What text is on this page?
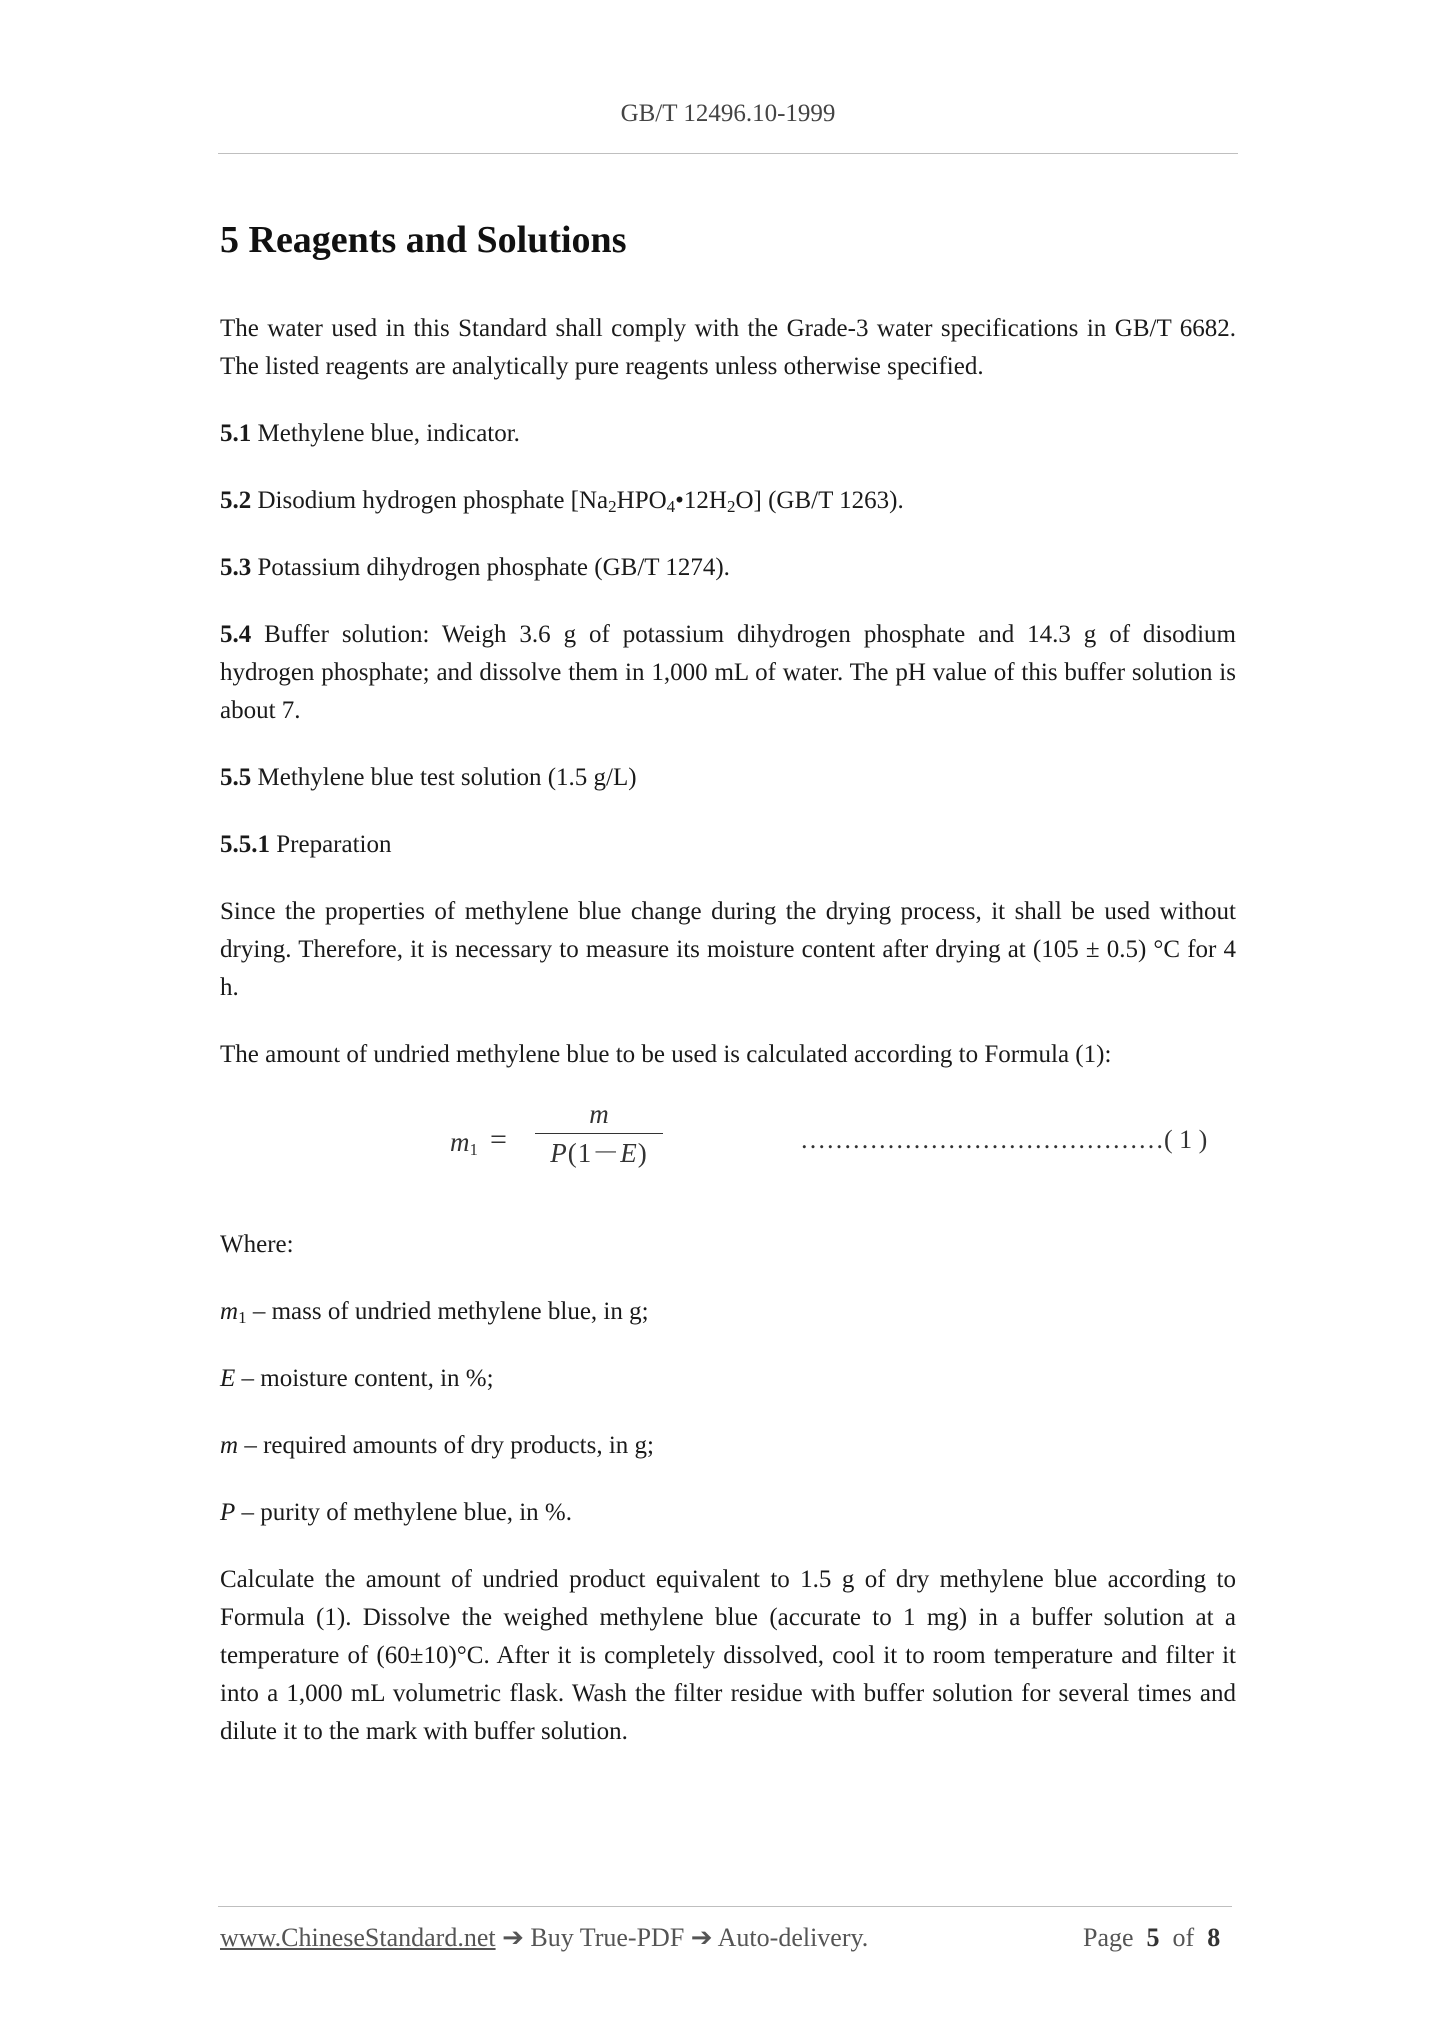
GB/T 12496.10-1999
5 Reagents and Solutions

The water used in this Standard shall comply with the Grade-3 water specifications in GB/T 6682. The listed reagents are analytically pure reagents unless otherwise specified.

5.1 Methylene blue, indicator.

5.2 Disodium hydrogen phosphate $[Na_2HPO_4•12H_2O]$ (GB/T 1263).

5.3 Potassium dihydrogen phosphate (GB/T 1274).

5.4 Buffer solution: Weigh 3.6 g of potassium dihydrogen phosphate and 14.3 g of disodium hydrogen phosphate; and dissolve them in 1,000 mL of water. The pH value of this buffer solution is about 7.

5.5 Methylene blue test solution (1.5 g/L)

5.5.1 Preparation

Since the properties of methylene blue change during the drying process, it shall be used without drying. Therefore, it is necessary to measure its moisture content after drying at (105 ± 0.5) °C for 4 h.

The amount of undried methylene blue to be used is calculated according to Formula (1):

$m_1$ =
m
P(1－E)	……………………………………( 1 )

Where:

$m_1$ – mass of undried methylene blue, in g;

E – moisture content, in %;

m – required amounts of dry products, in g;

P – purity of methylene blue, in %.

Calculate the amount of undried product equivalent to 1.5 g of dry methylene blue according to Formula (1). Dissolve the weighed methylene blue (accurate to 1 mg) in a buffer solution at a temperature of (60±10)°C. After it is completely dissolved, cool it to room temperature and filter it into a 1,000 mL volumetric flask. Wash the filter residue with buffer solution for several times and dilute it to the mark with buffer solution.

www.ChineseStandard.net ➔ Buy True-PDF ➔ Auto-delivery.	Page 5 of 8
